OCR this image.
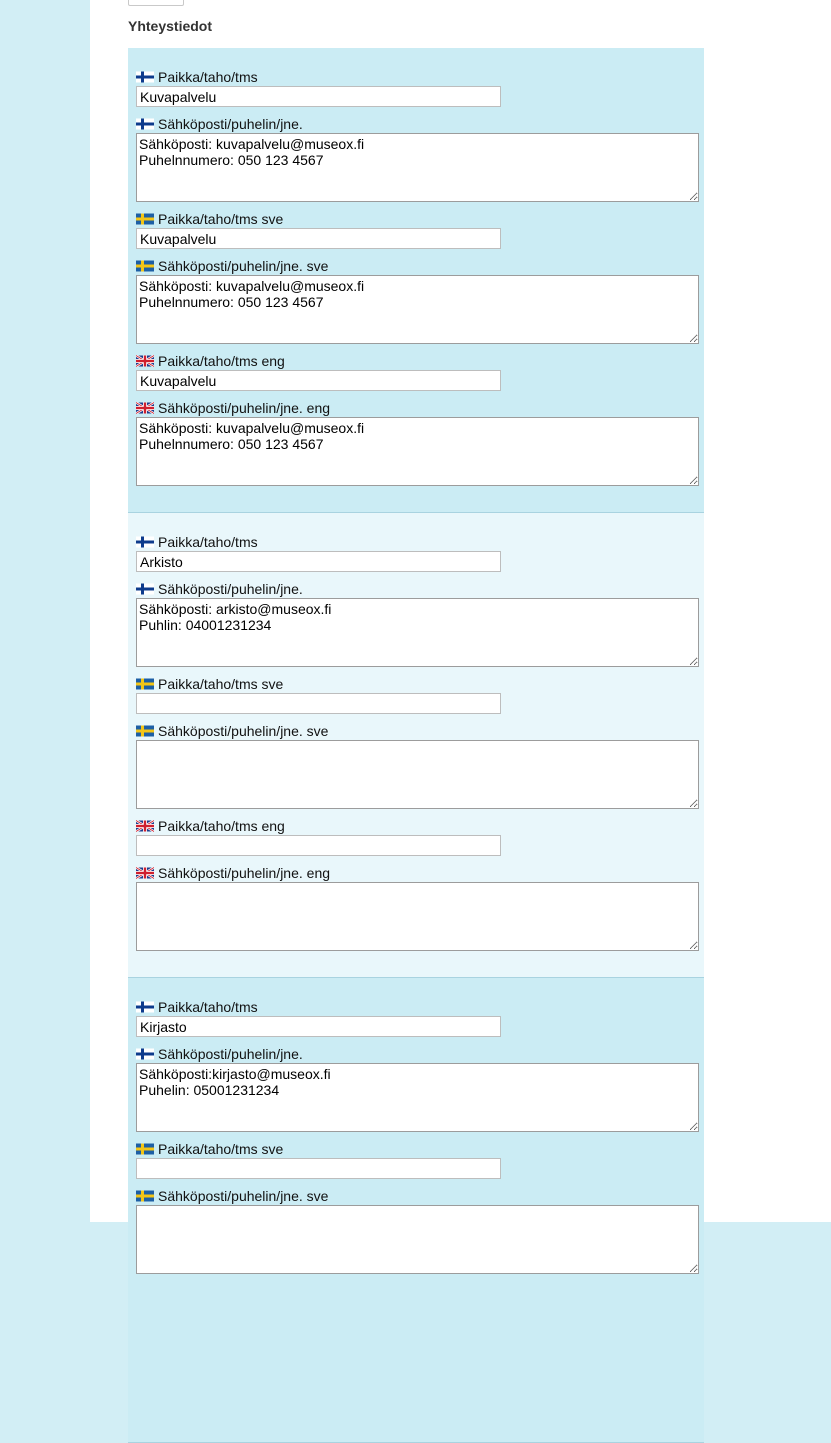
Yhteystiedot
Paikka/taho/tms
Kuvapalvelu
Sähköposti/puhelin/jne.
Sähköposti: kuvapalvelu@museox.fi Puhelnnumero: 050 123 4567
Paikka/taho/tms sve
Kuvapalvelu
Sähköposti/puhelin/jne. sve
Sähköposti: kuvapalvelu@museox.fi Puhelnnumero: 050 123 4567
Paikka/taho/tms eng
Kuvapalvelu
Sähköposti/puhelin/jne. eng
Sähköposti: kuvapalvelu@museox.fi Puhelnnumero: 050 123 4567
Paikka/taho/tms
Arkisto
Sähköposti/puhelin/jne.
Sähköposti: arkisto@museox.fi Puhlin: 04001231234
Paikka/taho/tms sve
Sähköposti/puhelin/jne. sve
Paikka/taho/tms eng
Sähköposti/puhelin/jne. eng
Paikka/taho/tms
Kirjasto
Sähköposti/puhelin/jne.
Sähköposti:kirjasto@museox.fi Puhelin: 05001231234
Paikka/taho/tms sve
Sähköposti/puhelin/jne. sve
